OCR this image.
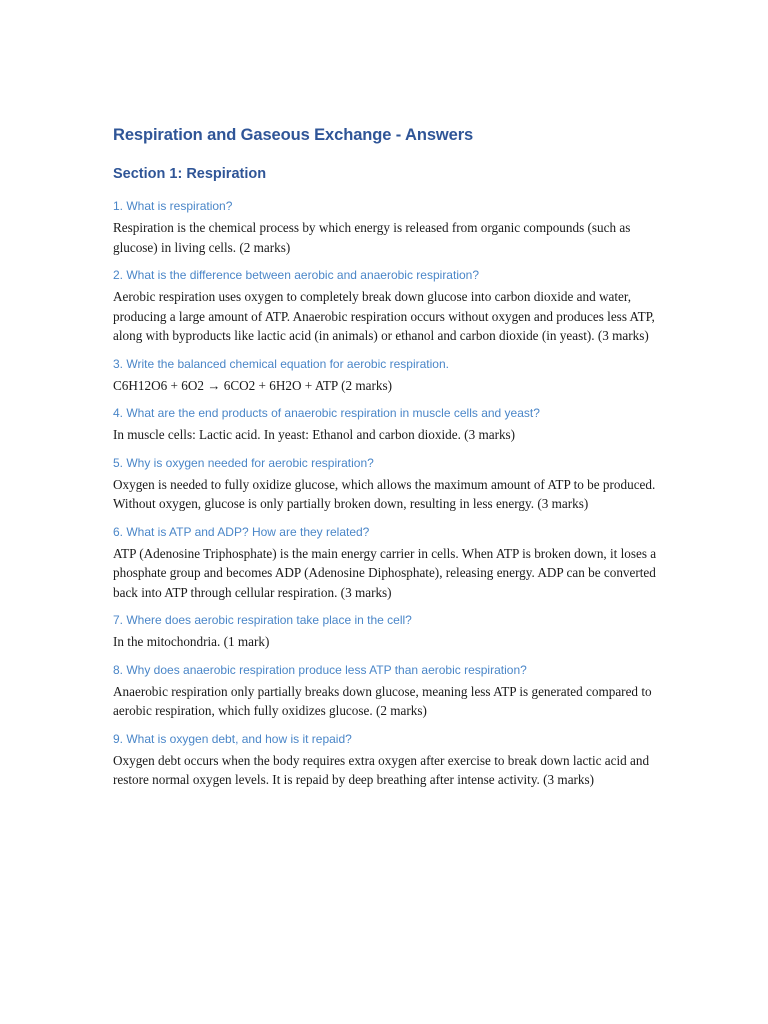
Respiration and Gaseous Exchange - Answers
Section 1: Respiration
1. What is respiration?

Respiration is the chemical process by which energy is released from organic compounds (such as glucose) in living cells. (2 marks)

2. What is the difference between aerobic and anaerobic respiration?

Aerobic respiration uses oxygen to completely break down glucose into carbon dioxide and water, producing a large amount of ATP. Anaerobic respiration occurs without oxygen and produces less ATP, along with byproducts like lactic acid (in animals) or ethanol and carbon dioxide (in yeast). (3 marks)

3. Write the balanced chemical equation for aerobic respiration.

C6H12O6 + 6O2 → 6CO2 + 6H2O + ATP (2 marks)

4. What are the end products of anaerobic respiration in muscle cells and yeast?

In muscle cells: Lactic acid. In yeast: Ethanol and carbon dioxide. (3 marks)

5. Why is oxygen needed for aerobic respiration?

Oxygen is needed to fully oxidize glucose, which allows the maximum amount of ATP to be produced. Without oxygen, glucose is only partially broken down, resulting in less energy. (3 marks)

6. What is ATP and ADP? How are they related?

ATP (Adenosine Triphosphate) is the main energy carrier in cells. When ATP is broken down, it loses a phosphate group and becomes ADP (Adenosine Diphosphate), releasing energy. ADP can be converted back into ATP through cellular respiration. (3 marks)

7. Where does aerobic respiration take place in the cell?

In the mitochondria. (1 mark)

8. Why does anaerobic respiration produce less ATP than aerobic respiration?

Anaerobic respiration only partially breaks down glucose, meaning less ATP is generated compared to aerobic respiration, which fully oxidizes glucose. (2 marks)

9. What is oxygen debt, and how is it repaid?

Oxygen debt occurs when the body requires extra oxygen after exercise to break down lactic acid and restore normal oxygen levels. It is repaid by deep breathing after intense activity. (3 marks)
